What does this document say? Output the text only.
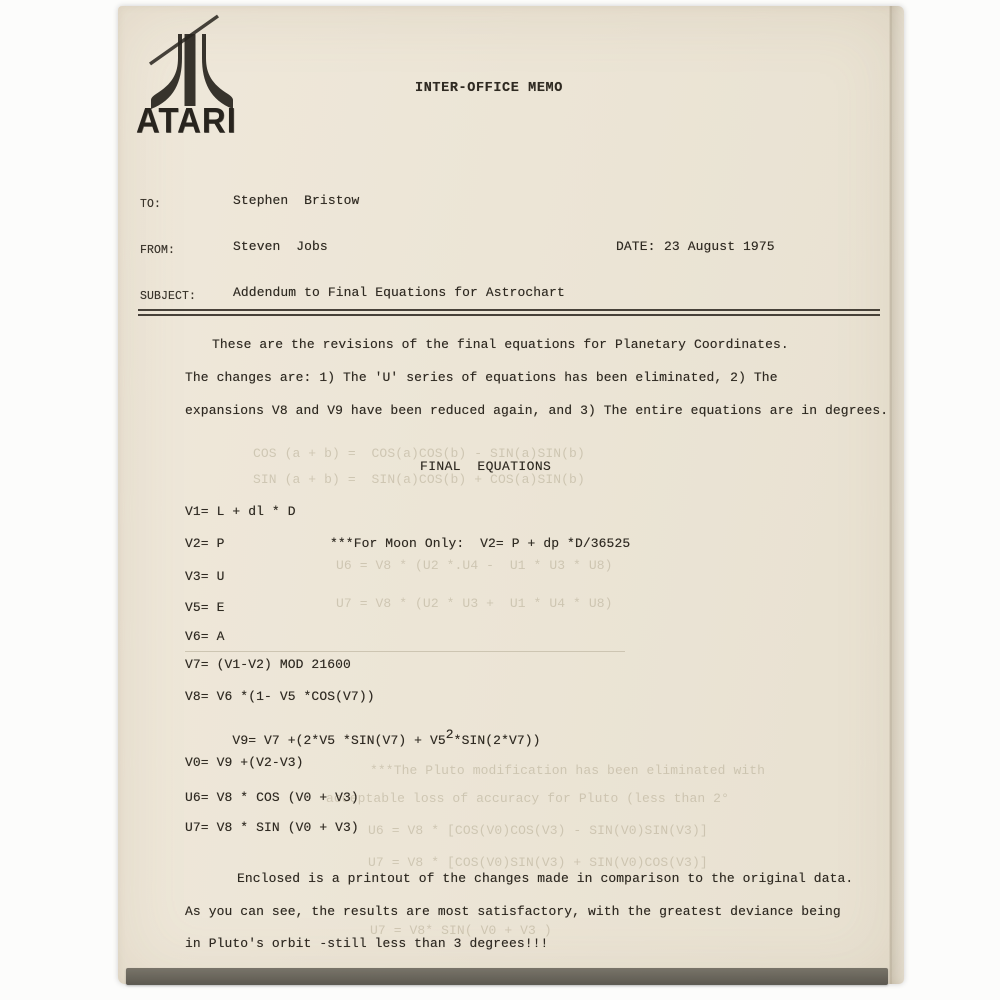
ATARI
INTER-OFFICE MEMO
TO:	Stephen  Bristow
FROM:	Steven  Jobs	DATE: 23 August 1975
SUBJECT:	Addendum to Final Equations for Astrochart
These are the revisions of the final equations for Planetary Coordinates.
The changes are: 1) The 'U' series of equations has been eliminated, 2) The
expansions V8 and V9 have been reduced again, and 3) The entire equations are in degrees.
COS (a + b) =  COS(a)COS(b) - SIN(a)SIN(b)
SIN (a + b) =  SIN(a)COS(b) + COS(a)SIN(b)
FINAL  EQUATIONS
V1= L + dl * D
V2= P	***For Moon Only:  V2= P + dp *D/36525
U6 = V8 * (U2 *.U4 -  U1 * U3 * U8)
V3= U
U7 = V8 * (U2 * U3 +  U1 * U4 * U8)
V5= E
V6= A
V7= (V1-V2) MOD 21600
V8= V6 *(1- V5 *COS(V7))

V9= V7 +(2*V5 *SIN(V7) + V52*SIN(2*V7))

V0= V9 +(V2-V3)
***The Pluto modification has been eliminated with
acceptable loss of accuracy for Pluto (less than 2°
U6= V8 * COS (V0 + V3)
U6 = V8 * [COS(V0)COS(V3) - SIN(V0)SIN(V3)]
U7= V8 * SIN (V0 + V3)
U7 = V8 * [COS(V0)SIN(V3) + SIN(V0)COS(V3)]
Enclosed is a printout of the changes made in comparison to the original data.
As you can see, the results are most satisfactory, with the greatest deviance being
U7 = V8* SIN( V0 + V3 )
in Pluto's orbit -still less than 3 degrees!!!
